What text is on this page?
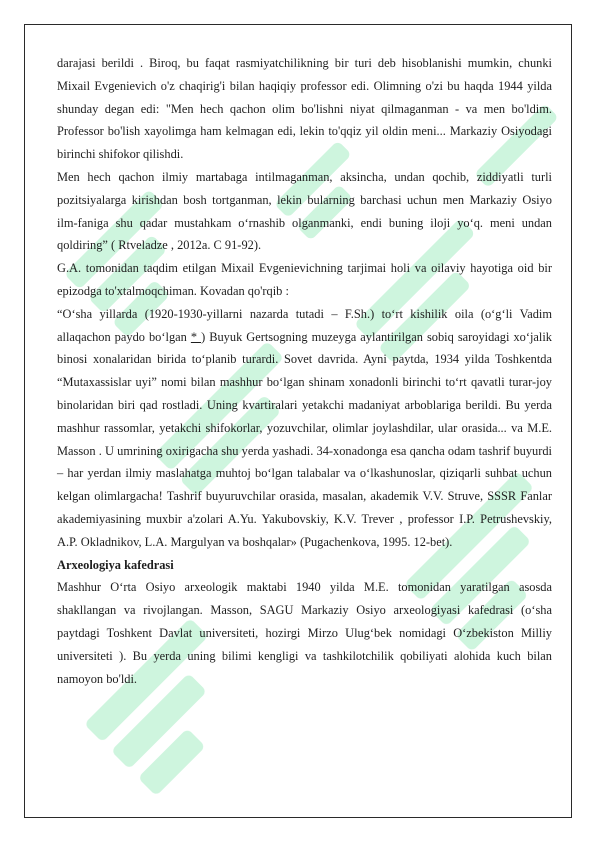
darajasi berildi . Biroq, bu faqat rasmiyatchilikning bir turi deb hisoblanishi mumkin, chunki Mixail Evgenievich o'z chaqirig'i bilan haqiqiy professor edi. Olimning o'zi bu haqda 1944 yilda shunday degan edi: "Men hech qachon olim bo'lishni niyat qilmaganman - va men bo'ldim. Professor bo'lish xayolimga ham kelmagan edi, lekin to'qqiz yil oldin meni... Markaziy Osiyodagi birinchi shifokor qilishdi.

Men hech qachon ilmiy martabaga intilmaganman, aksincha, undan qochib, ziddiyatli turli pozitsiyalarga kirishdan bosh tortganman, lekin bularning barchasi uchun men Markaziy Osiyo ilm-faniga shu qadar mustahkam o‘rnashib olganmanki, endi buning iloji yo‘q. meni undan qoldiring” ( Rtveladze , 2012a. C 91-92).

G.A. tomonidan taqdim etilgan Mixail Evgenievichning tarjimai holi va oilaviy hayotiga oid bir epizodga to'xtalmoqchiman. Kovadan qo'rqib :

“O‘sha yillarda (1920-1930-yillarni nazarda tutadi – F.Sh.) to‘rt kishilik oila (o‘g‘li Vadim allaqachon paydo bo‘lgan * ) Buyuk Gertsogning muzeyga aylantirilgan sobiq saroyidagi xo‘jalik binosi xonalaridan birida to‘planib turardi. Sovet davrida. Ayni paytda, 1934 yilda Toshkentda “Mutaxassislar uyi” nomi bilan mashhur bo‘lgan shinam xonadonli birinchi to‘rt qavatli turar-joy binolaridan biri qad rostladi. Uning kvartiralari yetakchi madaniyat arboblariga berildi. Bu yerda mashhur rassomlar, yetakchi shifokorlar, yozuvchilar, olimlar joylashdilar, ular orasida... va M.E. Masson . U umrining oxirigacha shu yerda yashadi. 34-xonadonga esa qancha odam tashrif buyurdi – har yerdan ilmiy maslahatga muhtoj bo‘lgan talabalar va o‘lkashunoslar, qiziqarli suhbat uchun kelgan olimlargacha! Tashrif buyuruvchilar orasida, masalan, akademik V.V. Struve, SSSR Fanlar akademiyasining muxbir a'zolari A.Yu. Yakubovskiy, K.V. Trever , professor I.P. Petrushevskiy, A.P. Okladnikov, L.A. Margulyan va boshqalar» (Pugachenkova, 1995. 12-bet).

Arxeologiya kafedrasi

Mashhur O‘rta Osiyo arxeologik maktabi 1940 yilda M.E. tomonidan yaratilgan asosda shakllangan va rivojlangan. Masson, SAGU Markaziy Osiyo arxeologiyasi kafedrasi (o‘sha paytdagi Toshkent Davlat universiteti, hozirgi Mirzo Ulug‘bek nomidagi O‘zbekiston Milliy universiteti ). Bu yerda uning bilimi kengligi va tashkilotchilik qobiliyati alohida kuch bilan namoyon bo'ldi.
